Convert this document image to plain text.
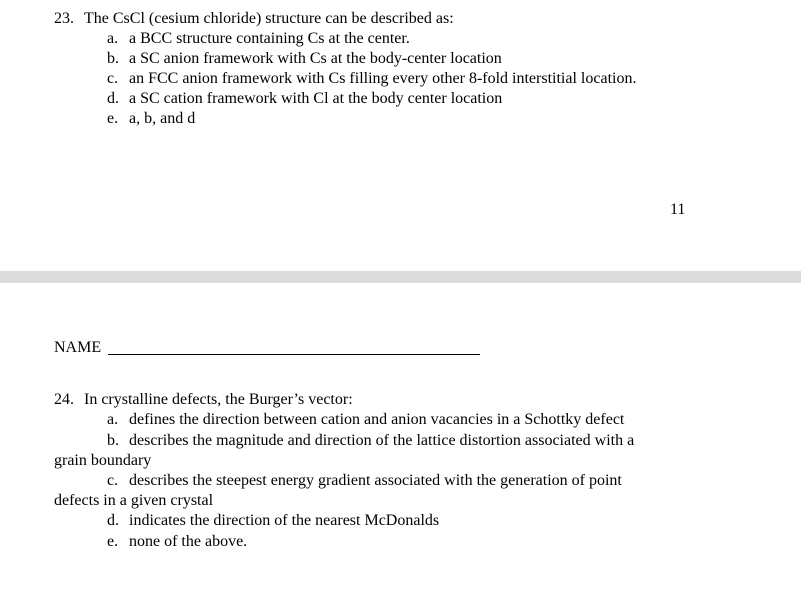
23. The CsCl (cesium chloride) structure can be described as:
a. a BCC structure containing Cs at the center.
b. a SC anion framework with Cs at the body-center location
c. an FCC anion framework with Cs filling every other 8-fold interstitial location.
d. a SC cation framework with Cl at the body center location
e. a, b, and d
11
NAME
24. In crystalline defects, the Burger’s vector:
a. defines the direction between cation and anion vacancies in a Schottky defect
b. describes the magnitude and direction of the lattice distortion associated with a
grain boundary
c. describes the steepest energy gradient associated with the generation of point
defects in a given crystal
d. indicates the direction of the nearest McDonalds
e. none of the above.
